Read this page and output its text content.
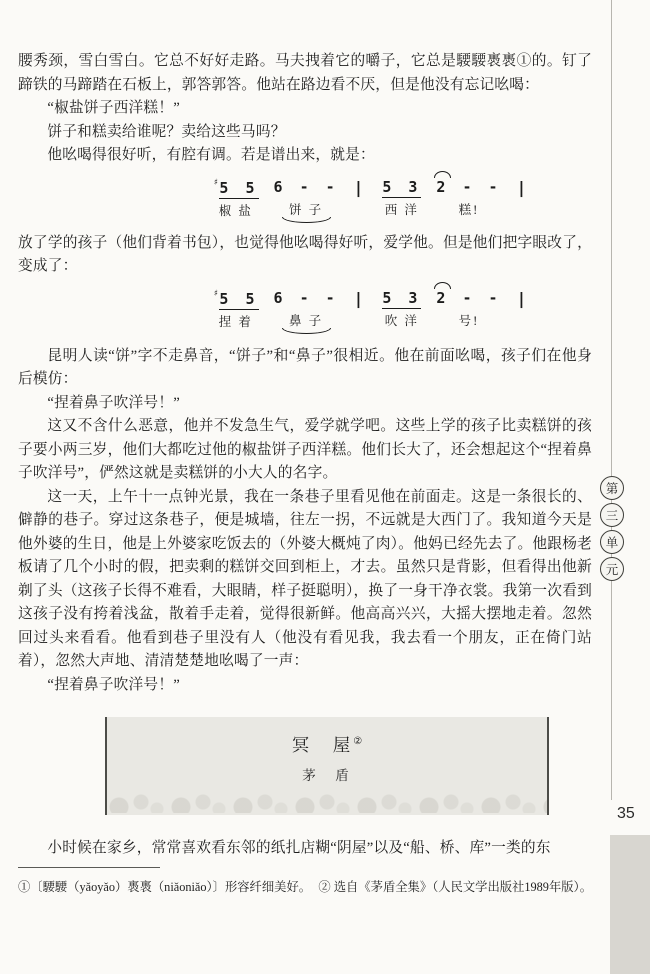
腰秀颈，雪白雪白。它总不好好走路。马夫拽着它的嚼子，它总是騕騕褭褭①的。钉了蹄铁的马蹄踏在石板上，郭答郭答。他站在路边看不厌，但是他没有忘记吆喝：

“椒盐饼子西洋糕！”

饼子和糕卖给谁呢？卖给这些马吗？

他吆喝得很好听，有腔有调。若是谱出来，就是：

♯5 5
椒 盐
6 - -
饼 子
| 5 3
西 洋
2 - -
糕!
|

放了学的孩子（他们背着书包），也觉得他吆喝得好听，爱学他。但是他们把字眼改了，变成了：

♯5 5
捏 着
6 - -
鼻 子
| 5 3
吹 洋
2 - -
号!
|

昆明人读“饼”字不走鼻音，“饼子”和“鼻子”很相近。他在前面吆喝，孩子们在他身后模仿：

“捏着鼻子吹洋号！”

这又不含什么恶意，他并不发急生气，爱学就学吧。这些上学的孩子比卖糕饼的孩子要小两三岁，他们大都吃过他的椒盐饼子西洋糕。他们长大了，还会想起这个“捏着鼻子吹洋号”，俨然这就是卖糕饼的小大人的名字。

这一天，上午十一点钟光景，我在一条巷子里看见他在前面走。这是一条很长的、僻静的巷子。穿过这条巷子，便是城墙，往左一拐，不远就是大西门了。我知道今天是他外婆的生日，他是上外婆家吃饭去的（外婆大概炖了肉）。他妈已经先去了。他跟杨老板请了几个小时的假，把卖剩的糕饼交回到柜上，才去。虽然只是背影，但看得出他新剃了头（这孩子长得不难看，大眼睛，样子挺聪明），换了一身干净衣裳。我第一次看到这孩子没有挎着浅盆，散着手走着，觉得很新鲜。他高高兴兴，大摇大摆地走着。忽然回过头来看看。他看到巷子里没有人（他没有看见我，我去看一个朋友，正在倚门站着），忽然大声地、清清楚楚地吆喝了一声：

“捏着鼻子吹洋号！”

冥　屋②
茅　盾

小时候在家乡，常常喜欢看东邻的纸扎店糊“阴屋”以及“船、桥、库”一类的东

第
三
单
元
35
①〔騕騕（yǎoyǎo）褭褭（niǎoniǎo）〕形容纤细美好。 ② 选自《茅盾全集》（人民文学出版社1989年版）。
